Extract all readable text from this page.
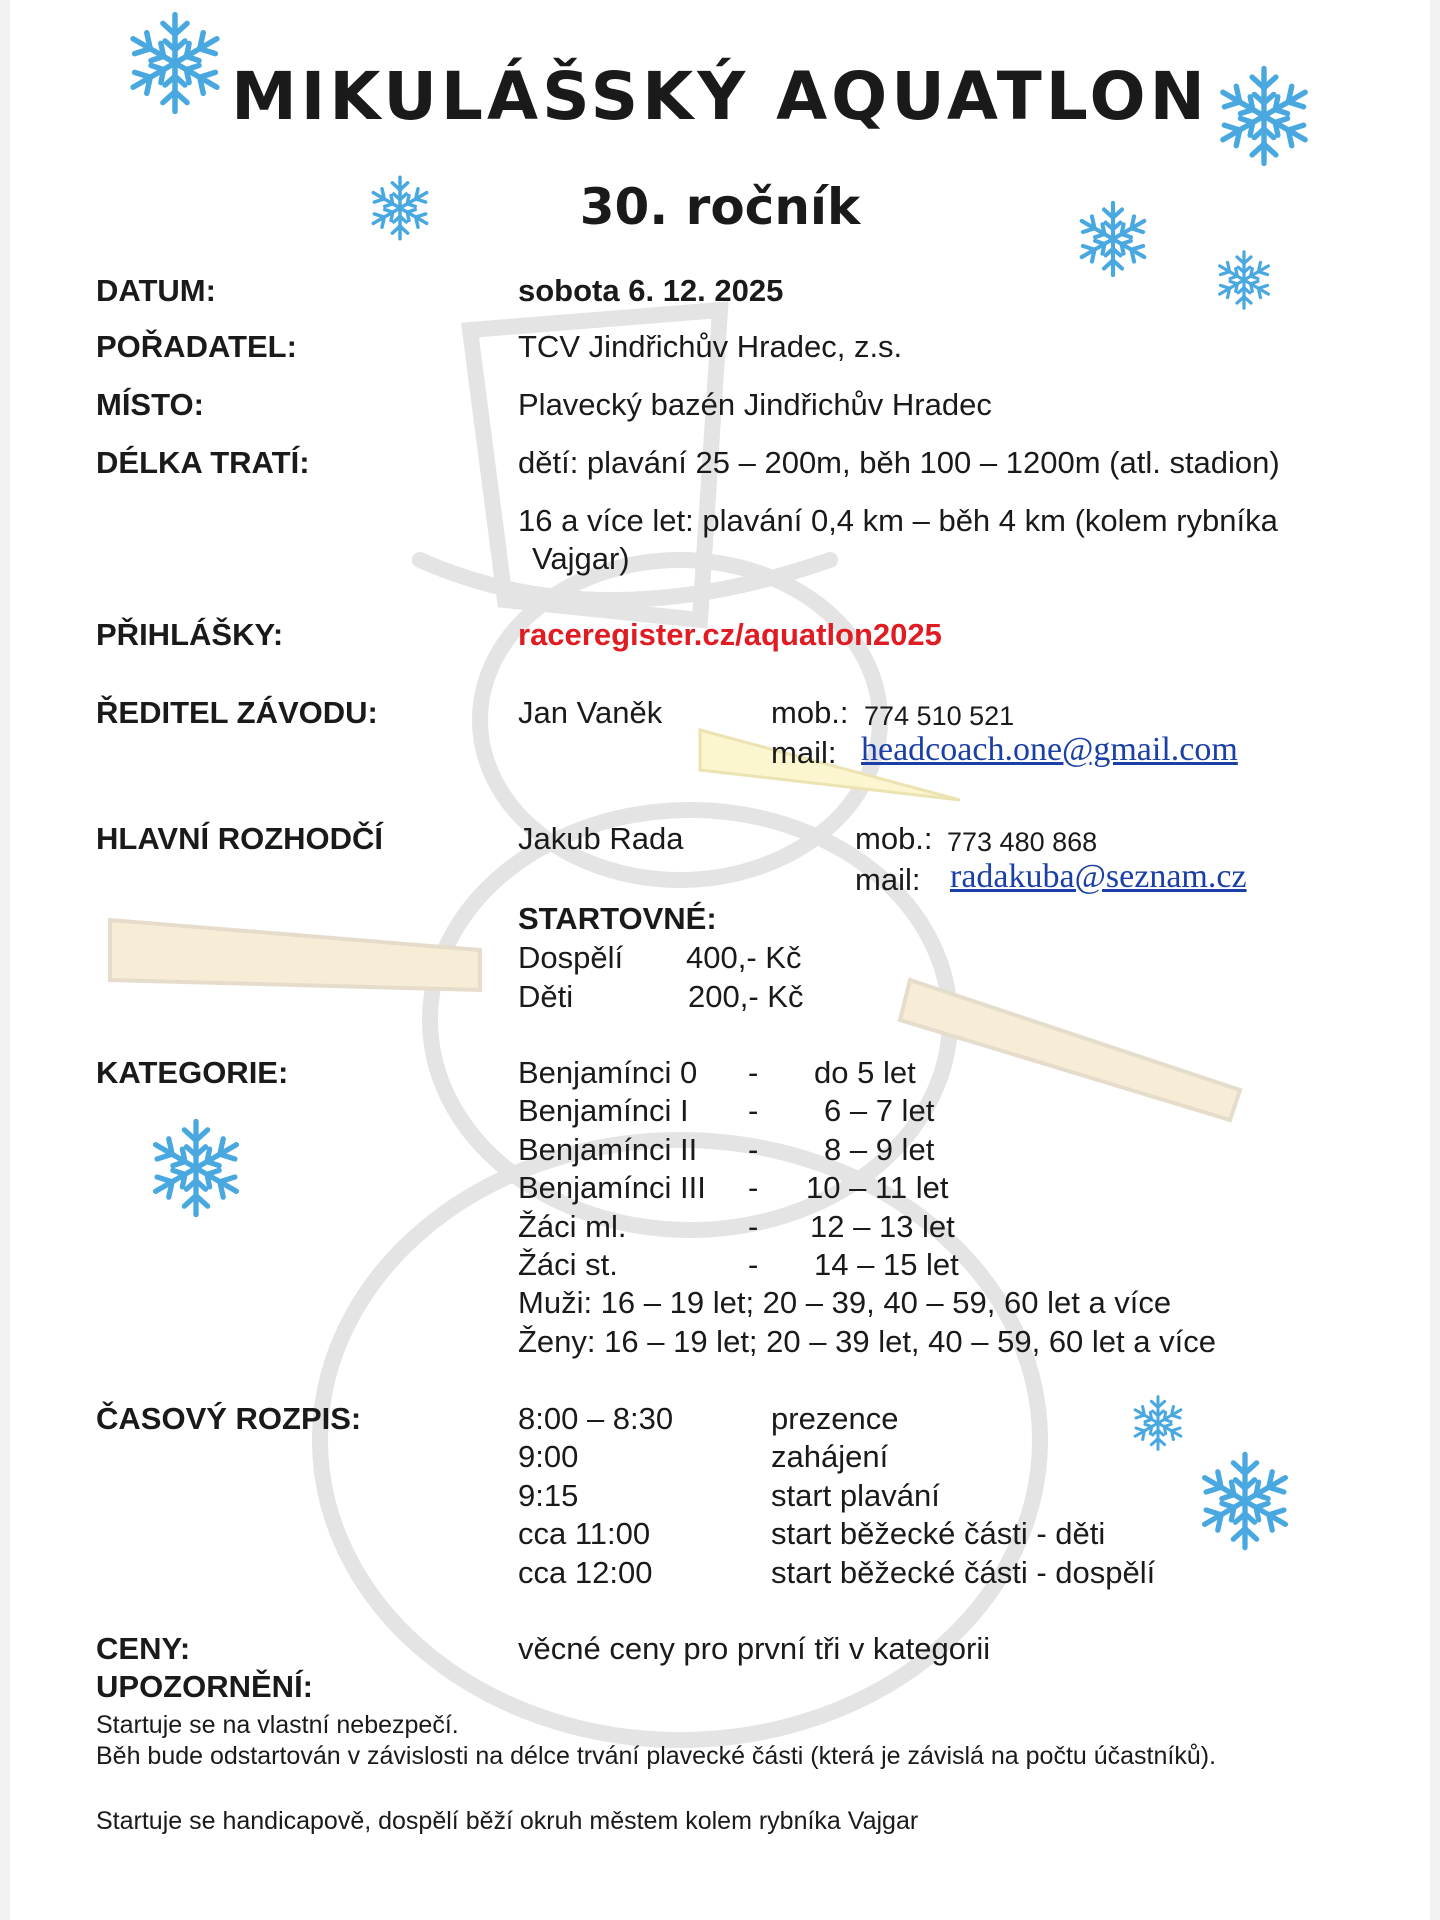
MIKULÁŠSKÝ AQUATLON
30. ročník
DATUM:	sobota 6. 12. 2025
POŘADATEL:	TCV Jindřichův Hradec, z.s.
MÍSTO:	Plavecký bazén Jindřichův Hradec
DÉLKA TRATÍ:	dětí: plavání 25 – 200m, běh 100 – 1200m (atl. stadion)
16 a více let: plavání 0,4 km – běh 4 km (kolem rybníka
Vajgar)
PŘIHLÁŠKY:	raceregister.cz/aquatlon2025
ŘEDITEL ZÁVODU:	Jan Vaněk	mob.: 774 510 521
mail: headcoach.one@gmail.com
HLAVNÍ ROZHODČÍ	Jakub Rada	mob.: 773 480 868
mail: radakuba@seznam.cz
STARTOVNÉ:
Dospělí 400,- Kč
Děti	200,- Kč
KATEGORIE:	Benjamínci 0 - do 5 let
Benjamínci I - 6 – 7 let
Benjamínci II - 8 – 9 let
Benjamínci III - 10 – 11 let
Žáci ml.	- 12 – 13 let
Žáci st.	- 14 – 15 let
Muži: 16 – 19 let; 20 – 39, 40 – 59, 60 let a více
Ženy: 16 – 19 let; 20 – 39 let, 40 – 59, 60 let a více
ČASOVÝ ROZPIS:	8:00 – 8:30	prezence
9:00	zahájení
9:15	start plavání
cca 11:00	start běžecké části - děti
cca 12:00	start běžecké části - dospělí
CENY:	věcné ceny pro první tři v kategorii
UPOZORNĚNÍ:
Startuje se na vlastní nebezpečí.
Běh bude odstartován v závislosti na délce trvání plavecké části (která je závislá na počtu účastníků).
Startuje se handicapově, dospělí běží okruh městem kolem rybníka Vajgar
